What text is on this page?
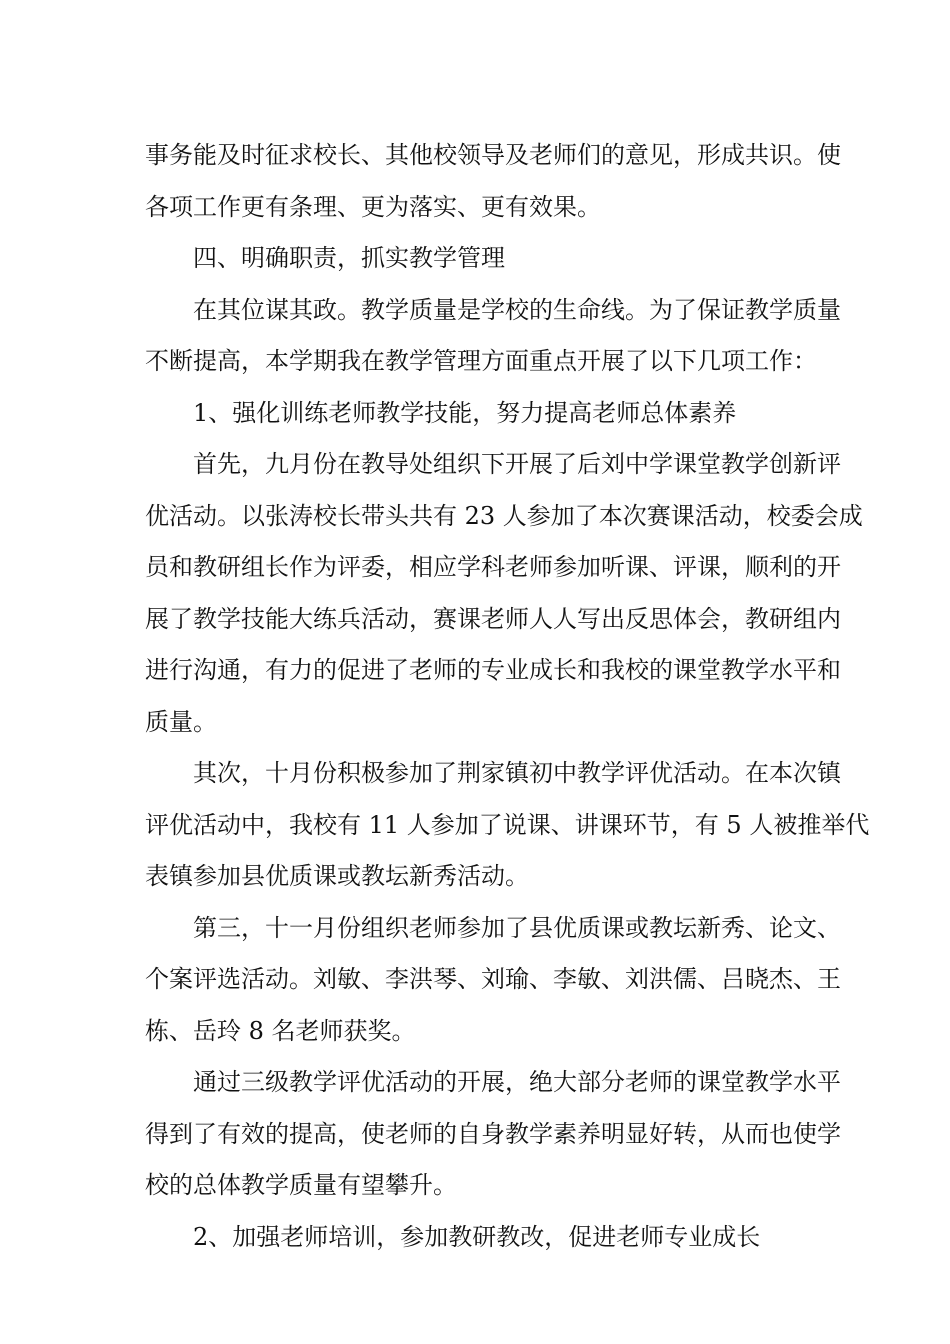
事务能及时征求校长、其他校领导及老师们的意见，形成共识。使
各项工作更有条理、更为落实、更有效果。

四、明确职责，抓实教学管理

在其位谋其政。教学质量是学校的生命线。为了保证教学质量
不断提高，本学期我在教学管理方面重点开展了以下几项工作：

1、强化训练老师教学技能，努力提高老师总体素养

首先，九月份在教导处组织下开展了后刘中学课堂教学创新评
优活动。以张涛校长带头共有 23 人参加了本次赛课活动，校委会成
员和教研组长作为评委，相应学科老师参加听课、评课，顺利的开
展了教学技能大练兵活动，赛课老师人人写出反思体会，教研组内
进行沟通，有力的促进了老师的专业成长和我校的课堂教学水平和
质量。

其次，十月份积极参加了荆家镇初中教学评优活动。在本次镇
评优活动中，我校有 11 人参加了说课、讲课环节，有 5 人被推举代
表镇参加县优质课或教坛新秀活动。

第三，十一月份组织老师参加了县优质课或教坛新秀、论文、
个案评选活动。刘敏、李洪琴、刘瑜、李敏、刘洪儒、吕晓杰、王
栋、岳玲 8 名老师获奖。

通过三级教学评优活动的开展，绝大部分老师的课堂教学水平
得到了有效的提高，使老师的自身教学素养明显好转，从而也使学
校的总体教学质量有望攀升。

2、加强老师培训，参加教研教改，促进老师专业成长
